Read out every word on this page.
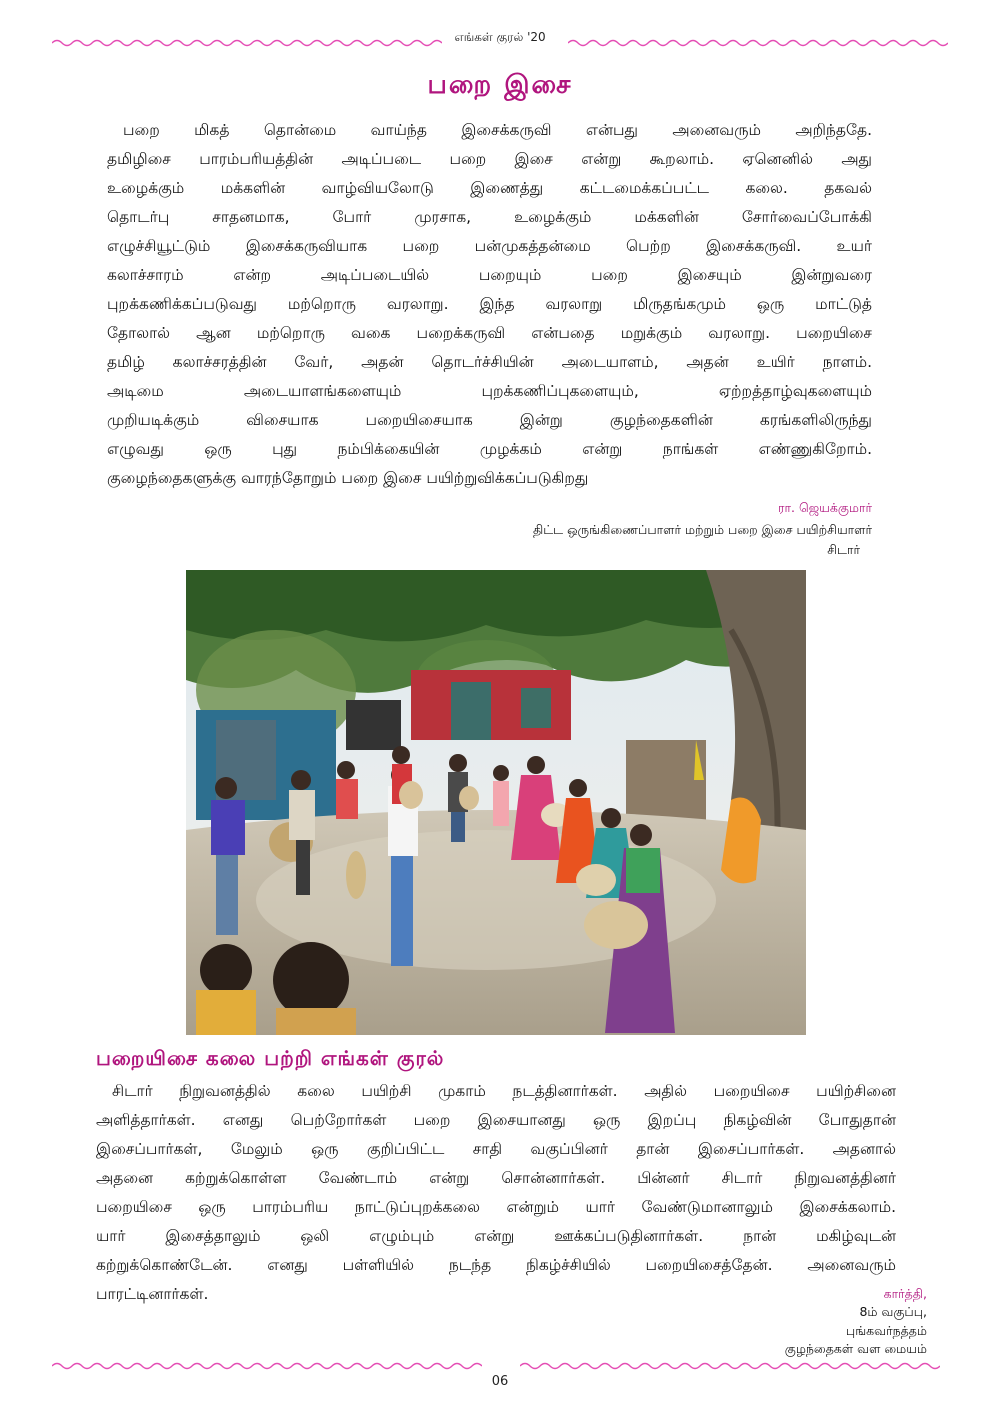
எங்கள் குரல் '20
பறை இசை
பறை மிகத் தொன்மை வாய்ந்த இசைக்கருவி என்பது அனைவரும் அறிந்ததே.
தமிழிசை பாரம்பரியத்தின் அடிப்படை பறை இசை என்று கூறலாம். ஏனெனில் அது
உழைக்கும் மக்களின் வாழ்வியலோடு இணைத்து கட்டமைக்கப்பட்ட கலை. தகவல்
தொடர்பு சாதனமாக, போர் முரசாக, உழைக்கும் மக்களின் சோர்வைப்போக்கி
எழுச்சியூட்டும் இசைக்கருவியாக பறை பன்முகத்தன்மை பெற்ற இசைக்கருவி. உயர்
கலாச்சாரம் என்ற அடிப்படையில் பறையும் பறை இசையும் இன்றுவரை
புறக்கணிக்கப்படுவது மற்றொரு வரலாறு. இந்த வரலாறு மிருதங்கமும் ஒரு மாட்டுத்
தோலால் ஆன மற்றொரு வகை பறைக்கருவி என்பதை மறுக்கும் வரலாறு. பறையிசை
தமிழ் கலாச்சரத்தின் வேர், அதன் தொடர்ச்சியின் அடையாளம், அதன் உயிர் நாளம்.
அடிமை அடையாளங்களையும் புறக்கணிப்புகளையும், ஏற்றத்தாழ்வுகளையும்
முறியடிக்கும் விசையாக பறையிசையாக இன்று குழந்தைகளின் கரங்களிலிருந்து
எழுவது ஒரு புது நம்பிக்கையின் முழக்கம் என்று நாங்கள் எண்ணுகிறோம்.
குழைந்தைகளுக்கு வாரந்தோறும் பறை இசை பயிற்றுவிக்கப்படுகிறது
ரா. ஜெயக்குமார்
திட்ட ஒருங்கிணைப்பாளர் மற்றும் பறை இசை பயிற்சியாளர்
சிடார்
பறையிசை கலை பற்றி எங்கள் குரல்
சிடார் நிறுவனத்தில் கலை பயிற்சி முகாம் நடத்தினார்கள். அதில் பறையிசை பயிற்சினை
அளித்தார்கள். எனது பெற்றோர்கள் பறை இசையானது ஒரு இறப்பு நிகழ்வின் போதுதான்
இசைப்பார்கள், மேலும் ஒரு குறிப்பிட்ட சாதி வகுப்பினர் தான் இசைப்பார்கள். அதனால்
அதனை கற்றுக்கொள்ள வேண்டாம் என்று சொன்னார்கள். பின்னர் சிடார் நிறுவனத்தினர்
பறையிசை ஒரு பாரம்பரிய நாட்டுப்புறக்கலை என்றும் யார் வேண்டுமானாலும் இசைக்கலாம்.
யார் இசைத்தாலும் ஒலி எழும்பும் என்று ஊக்கப்படுதினார்கள். நான் மகிழ்வுடன்
கற்றுக்கொண்டேன். எனது பள்ளியில் நடந்த நிகழ்ச்சியில் பறையிசைத்தேன். அனைவரும்
பாரட்டினார்கள்.	கார்த்தி,
8ம் வகுப்பு,
புங்கவர்நத்தம்
குழந்தைகள் வள மையம்
06
